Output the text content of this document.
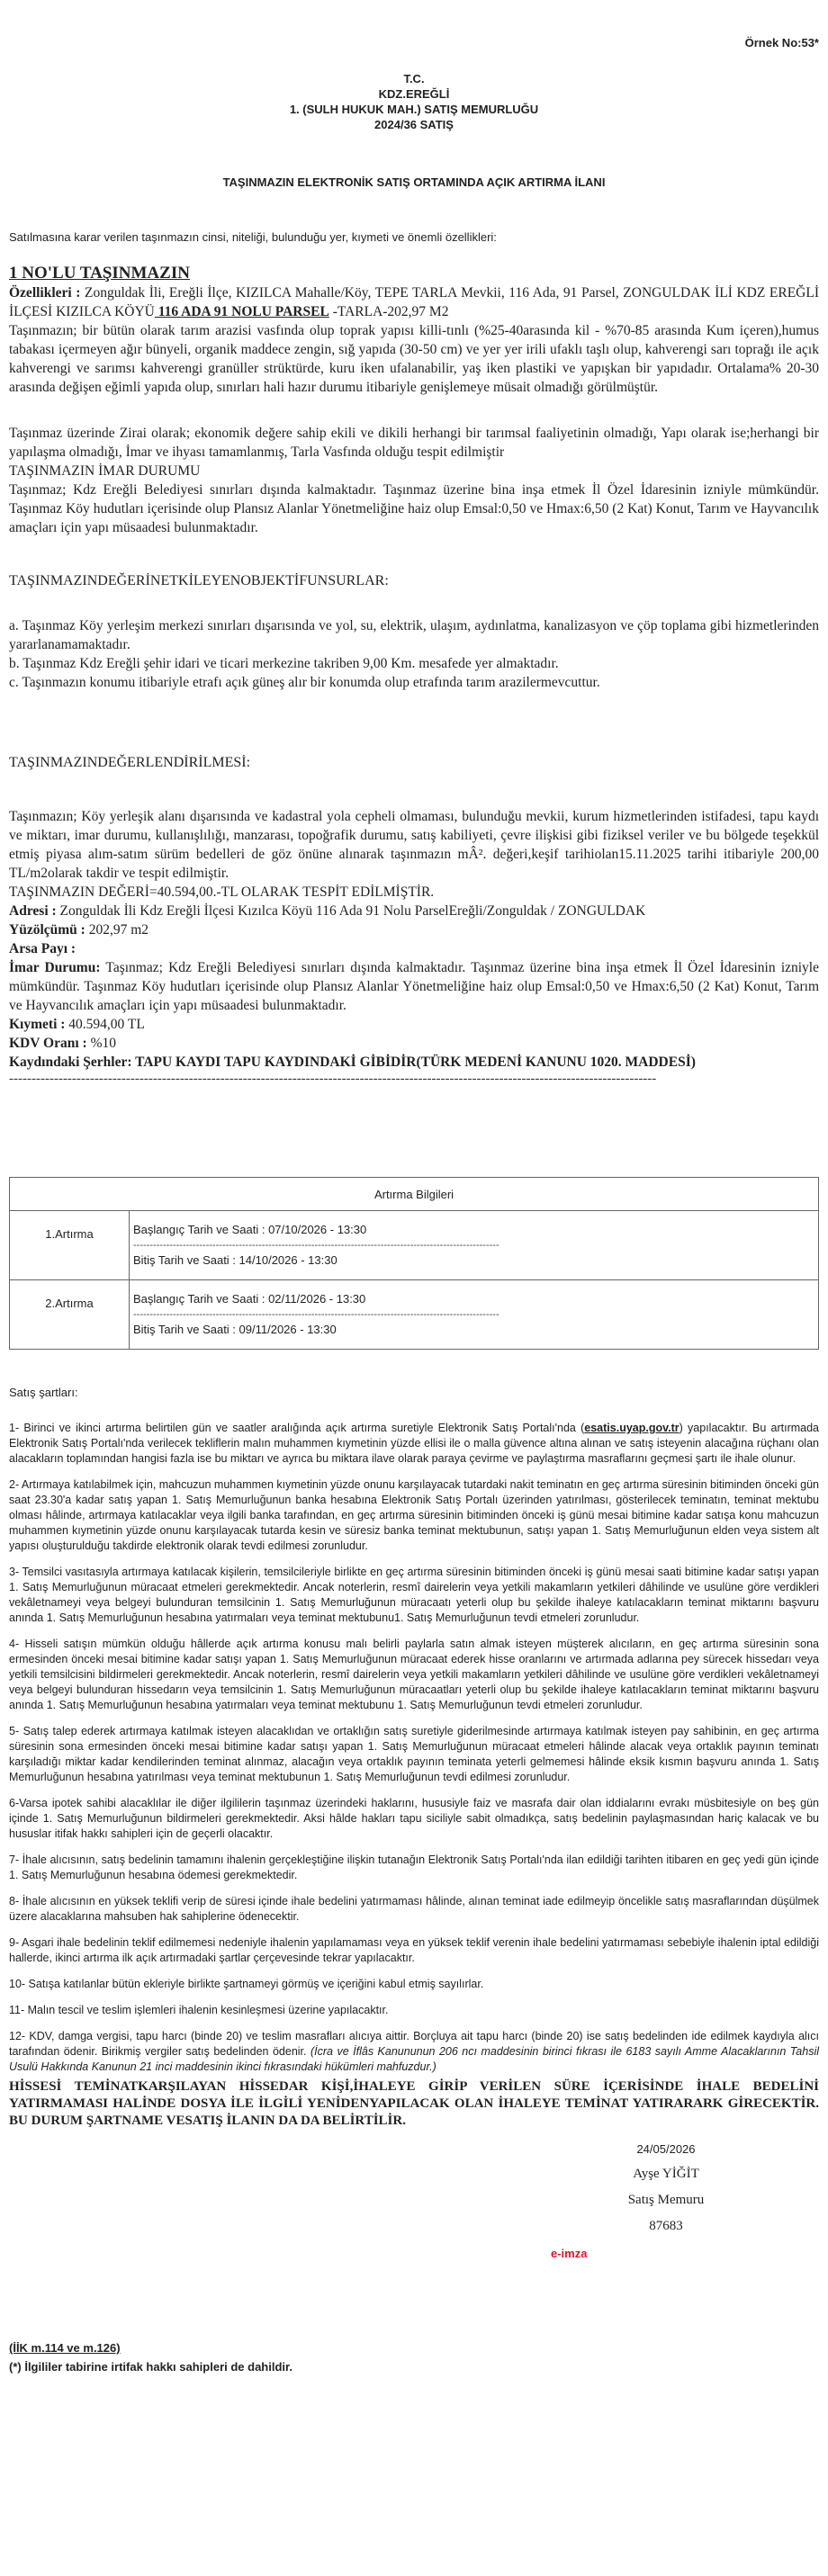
Örnek No:53*
T.C.
KDZ.EREĞLİ
1. (SULH HUKUK MAH.) SATIŞ MEMURLUĞU
2024/36 SATIŞ
TAŞINMAZIN ELEKTRONİK SATIŞ ORTAMINDA AÇIK ARTIRMA İLANI
Satılmasına karar verilen taşınmazın cinsi, niteliği, bulunduğu yer, kıymeti ve önemli özellikleri:
1 NO'LU TAŞINMAZIN
Özellikleri : Zonguldak İli, Ereğli İlçe, KIZILCA Mahalle/Köy, TEPE TARLA Mevkii, 116 Ada, 91 Parsel, ZONGULDAK İLİ KDZ EREĞLİ İLÇESİ KIZILCA KÖYÜ 116 ADA 91 NOLU PARSEL -TARLA-202,97 M2
Taşınmazın; bir bütün olarak tarım arazisi vasfında olup toprak yapısı killi-tınlı (%25-40arasında kil - %70-85 arasında Kum içeren),humus tabakası içermeyen ağır bünyeli, organik maddece zengin, sığ yapıda (30-50 cm) ve yer yer irili ufaklı taşlı olup, kahverengi sarı toprağı ile açık kahverengi ve sarımsı kahverengi granüller strüktürde, kuru iken ufalanabilir, yaş iken plastiki ve yapışkan bir yapıdadır. Ortalama% 20-30 arasında değişen eğimli yapıda olup, sınırları hali hazır durumu itibariyle genişlemeye müsait olmadığı görülmüştür.
Taşınmaz üzerinde Zirai olarak; ekonomik değere sahip ekili ve dikili herhangi bir tarımsal faaliyetinin olmadığı, Yapı olarak ise;herhangi bir yapılaşma olmadığı, İmar ve ihyası tamamlanmış, Tarla Vasfında olduğu tespit edilmiştir
TAŞINMAZIN İMAR DURUMU
Taşınmaz; Kdz Ereğli Belediyesi sınırları dışında kalmaktadır. Taşınmaz üzerine bina inşa etmek İl Özel İdaresinin izniyle mümkündür. Taşınmaz Köy hudutları içerisinde olup Plansız Alanlar Yönetmeliğine haiz olup Emsal:0,50 ve Hmax:6,50 (2 Kat) Konut, Tarım ve Hayvancılık amaçları için yapı müsaadesi bulunmaktadır.
TAŞINMAZINDEĞERİNETKİLEYENOBJEKTİFUNSURLAR:
a. Taşınmaz Köy yerleşim merkezi sınırları dışarısında ve yol, su, elektrik, ulaşım, aydınlatma, kanalizasyon ve çöp toplama gibi hizmetlerinden yararlanamamaktadır.
b. Taşınmaz Kdz Ereğli şehir idari ve ticari merkezine takriben 9,00 Km. mesafede yer almaktadır.
c. Taşınmazın konumu itibariyle etrafı açık güneş alır bir konumda olup etrafında tarım arazilermevcuttur.
TAŞINMAZINDEĞERLENDİRİLMESİ:
Taşınmazın; Köy yerleşik alanı dışarısında ve kadastral yola cepheli olmaması, bulunduğu mevkii, kurum hizmetlerinden istifadesi, tapu kaydı ve miktarı, imar durumu, kullanışlılığı, manzarası, topoğrafik durumu, satış kabiliyeti, çevre ilişkisi gibi fiziksel veriler ve bu bölgede teşekkül etmiş piyasa alım-satım sürüm bedelleri de göz önüne alınarak taşınmazın mÂ². değeri,keşif tarihiolan15.11.2025 tarihi itibariyle 200,00 TL/m2olarak takdir ve tespit edilmiştir.
TAŞINMAZIN DEĞERİ=40.594,00.-TL OLARAK TESPİT EDİLMİŞTİR.
Adresi : Zonguldak İli Kdz Ereğli İlçesi Kızılca Köyü 116 Ada 91 Nolu ParselEreğli/Zonguldak / ZONGULDAK
Yüzölçümü : 202,97 m2
Arsa Payı :
İmar Durumu: Taşınmaz; Kdz Ereğli Belediyesi sınırları dışında kalmaktadır. Taşınmaz üzerine bina inşa etmek İl Özel İdaresinin izniyle mümkündür. Taşınmaz Köy hudutları içerisinde olup Plansız Alanlar Yönetmeliğine haiz olup Emsal:0,50 ve Hmax:6,50 (2 Kat) Konut, Tarım ve Hayvancılık amaçları için yapı müsaadesi bulunmaktadır.
Kıymeti : 40.594,00 TL
KDV Oranı : %10
Kaydındaki Şerhler: TAPU KAYDI TAPU KAYDINDAKİ GİBİDİR(TÜRK MEDENİ KANUNU 1020. MADDESİ)
------------------------------------------------------------------------------------------------------------------------------------------------
Artırma Bilgileri	
1.Artırma	Başlangıç Tarih ve Saati : 07/10/2026 - 13:30
---------------------------------------------------------------------------------------------------------------
Bitiş Tarih ve Saati : 14/10/2026 - 13:30

2.Artırma	Başlangıç Tarih ve Saati : 02/11/2026 - 13:30
---------------------------------------------------------------------------------------------------------------
Bitiş Tarih ve Saati : 09/11/2026 - 13:30
Satış şartları:

1- Birinci ve ikinci artırma belirtilen gün ve saatler aralığında açık artırma suretiyle Elektronik Satış Portalı'nda (esatis.uyap.gov.tr) yapılacaktır. Bu artırmada Elektronik Satış Portalı'nda verilecek tekliflerin malın muhammen kıymetinin yüzde ellisi ile o malla güvence altına alınan ve satış isteyenin alacağına rüçhanı olan alacakların toplamından hangisi fazla ise bu miktarı ve ayrıca bu miktara ilave olarak paraya çevirme ve paylaştırma masraflarını geçmesi şartı ile ihale olunur.

2- Artırmaya katılabilmek için, mahcuzun muhammen kıymetinin yüzde onunu karşılayacak tutardaki nakit teminatın en geç artırma süresinin bitiminden önceki gün saat 23.30'a kadar satış yapan 1. Satış Memurluğunun banka hesabına Elektronik Satış Portalı üzerinden yatırılması, gösterilecek teminatın, teminat mektubu olması hâlinde, artırmaya katılacaklar veya ilgili banka tarafından, en geç artırma süresinin bitiminden önceki iş günü mesai bitimine kadar satışa konu mahcuzun muhammen kıymetinin yüzde onunu karşılayacak tutarda kesin ve süresiz banka teminat mektubunun, satışı yapan 1. Satış Memurluğunun elden veya sistem alt yapısı oluşturulduğu takdirde elektronik olarak tevdi edilmesi zorunludur.

3- Temsilci vasıtasıyla artırmaya katılacak kişilerin, temsilcileriyle birlikte en geç artırma süresinin bitiminden önceki iş günü mesai saati bitimine kadar satışı yapan 1. Satış Memurluğunun müracaat etmeleri gerekmektedir. Ancak noterlerin, resmî dairelerin veya yetkili makamların yetkileri dâhilinde ve usulüne göre verdikleri vekâletnameyi veya belgeyi bulunduran temsilcinin 1. Satış Memurluğunun müracaatı yeterli olup bu şekilde ihaleye katılacakların teminat miktarını başvuru anında 1. Satış Memurluğunun hesabına yatırmaları veya teminat mektubunu1. Satış Memurluğunun tevdi etmeleri zorunludur.

4- Hisseli satışın mümkün olduğu hâllerde açık artırma konusu malı belirli paylarla satın almak isteyen müşterek alıcıların, en geç artırma süresinin sona ermesinden önceki mesai bitimine kadar satışı yapan 1. Satış Memurluğunun müracaat ederek hisse oranlarını ve artırmada adlarına pey sürecek hissedarı veya yetkili temsilcisini bildirmeleri gerekmektedir. Ancak noterlerin, resmî dairelerin veya yetkili makamların yetkileri dâhilinde ve usulüne göre verdikleri vekâletnameyi veya belgeyi bulunduran hissedarın veya temsilcinin 1. Satış Memurluğunun müracaatları yeterli olup bu şekilde ihaleye katılacakların teminat miktarını başvuru anında 1. Satış Memurluğunun hesabına yatırmaları veya teminat mektubunu 1. Satış Memurluğunun tevdi etmeleri zorunludur.

5- Satış talep ederek artırmaya katılmak isteyen alacaklıdan ve ortaklığın satış suretiyle giderilmesinde artırmaya katılmak isteyen pay sahibinin, en geç artırma süresinin sona ermesinden önceki mesai bitimine kadar satışı yapan 1. Satış Memurluğunun müracaat etmeleri hâlinde alacak veya ortaklık payının teminatı karşıladığı miktar kadar kendilerinden teminat alınmaz, alacağın veya ortaklık payının teminata yeterli gelmemesi hâlinde eksik kısmın başvuru anında 1. Satış Memurluğunun hesabına yatırılması veya teminat mektubunun 1. Satış Memurluğunun tevdi edilmesi zorunludur.

6-Varsa ipotek sahibi alacaklılar ile diğer ilgililerin taşınmaz üzerindeki haklarını, hususiyle faiz ve masrafa dair olan iddialarını evrakı müsbitesiyle on beş gün içinde 1. Satış Memurluğunun bildirmeleri gerekmektedir. Aksi hâlde hakları tapu siciliyle sabit olmadıkça, satış bedelinin paylaşmasından hariç kalacak ve bu hususlar itifak hakkı sahipleri için de geçerli olacaktır.

7- İhale alıcısının, satış bedelinin tamamını ihalenin gerçekleştiğine ilişkin tutanağın Elektronik Satış Portalı'nda ilan edildiği tarihten itibaren en geç yedi gün içinde 1. Satış Memurluğunun hesabına ödemesi gerekmektedir.

8- İhale alıcısının en yüksek teklifi verip de süresi içinde ihale bedelini yatırmaması hâlinde, alınan teminat iade edilmeyip öncelikle satış masraflarından düşülmek üzere alacaklarına mahsuben hak sahiplerine ödenecektir.

9- Asgari ihale bedelinin teklif edilmemesi nedeniyle ihalenin yapılamaması veya en yüksek teklif verenin ihale bedelini yatırmaması sebebiyle ihalenin iptal edildiği hallerde, ikinci artırma ilk açık artırmadaki şartlar çerçevesinde tekrar yapılacaktır.

10- Satışa katılanlar bütün ekleriyle birlikte şartnameyi görmüş ve içeriğini kabul etmiş sayılırlar.

11- Malın tescil ve teslim işlemleri ihalenin kesinleşmesi üzerine yapılacaktır.

12- KDV, damga vergisi, tapu harcı (binde 20) ve teslim masrafları alıcıya aittir. Borçluya ait tapu harcı (binde 20) ise satış bedelinden ide edilmek kaydıyla alıcı tarafından ödenir. Birikmiş vergiler satış bedelinden ödenir. (İcra ve İflâs Kanununun 206 ncı maddesinin birinci fıkrası ile 6183 sayılı Amme Alacaklarının Tahsil Usulü Hakkında Kanunun 21 inci maddesinin ikinci fıkrasındaki hükümleri mahfuzdur.)

HİSSESİ TEMİNATKARŞILAYAN HİSSEDAR KİŞİ,İHALEYE GİRİP VERİLEN SÜRE İÇERİSİNDE İHALE BEDELİNİ YATIRMAMASI HALİNDE DOSYA İLE İLGİLİ YENİDENYAPILACAK OLAN İHALEYE TEMİNAT YATIRARARK GİRECEKTİR. BU DURUM ŞARTNAME VESATIŞ İLANIN DA DA BELİRTİLİR.
24/05/2026
Ayşe YİĞİT
Satış Memuru
87683
e-imza
(İİK m.114 ve m.126)
(*) İlgililer tabirine irtifak hakkı sahipleri de dahildir.
